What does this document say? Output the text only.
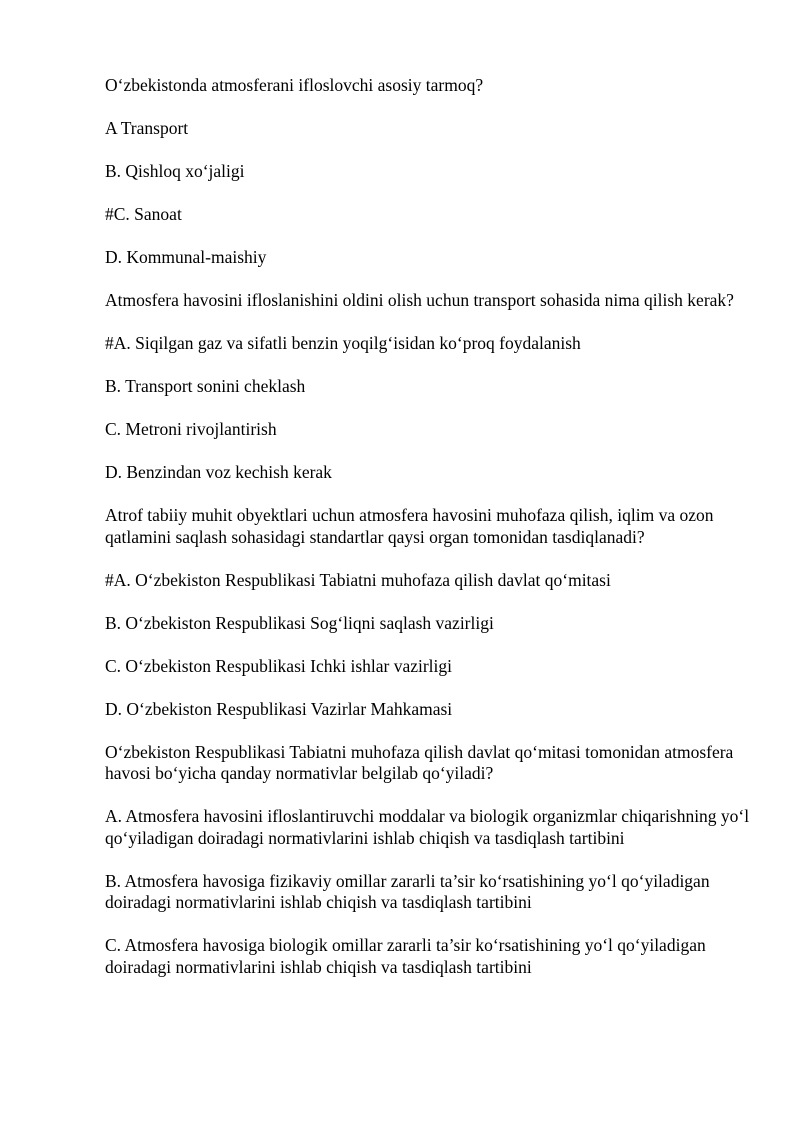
O‘zbekistonda atmosferani ifloslovchi asosiy tarmoq?

A Transport

B. Qishloq xo‘jaligi

#C. Sanoat

D. Kommunal-maishiy

Atmosfera havosini ifloslanishini oldini olish uchun transport sohasida nima qilish kerak?

#A. Siqilgan gaz va sifatli benzin yoqilg‘isidan ko‘proq foydalanish

B. Transport sonini cheklash

C. Metroni rivojlantirish

D. Benzindan voz kechish kerak

Atrof tabiiy muhit obyektlari uchun atmosfera havosini muhofaza qilish, iqlim va ozon qatlamini saqlash sohasidagi standartlar qaysi organ tomonidan tasdiqlanadi?

#A. O‘zbekiston Respublikasi Tabiatni muhofaza qilish davlat qo‘mitasi

B. O‘zbekiston Respublikasi Sog‘liqni saqlash vazirligi

C. O‘zbekiston Respublikasi Ichki ishlar vazirligi

D. O‘zbekiston Respublikasi Vazirlar Mahkamasi

O‘zbekiston Respublikasi Tabiatni muhofaza qilish davlat qo‘mitasi tomonidan atmosfera havosi bo‘yicha qanday normativlar belgilab qo‘yiladi?

A. Atmosfera havosini ifloslantiruvchi moddalar va biologik organizmlar chiqarishning yo‘l qo‘yiladigan doiradagi normativlarini ishlab chiqish va tasdiqlash tartibini

B. Atmosfera havosiga fizikaviy omillar zararli ta’sir ko‘rsatishining yo‘l qo‘yiladigan doiradagi normativlarini ishlab chiqish va tasdiqlash tartibini

C. Atmosfera havosiga biologik omillar zararli ta’sir ko‘rsatishining yo‘l qo‘yiladigan doiradagi normativlarini ishlab chiqish va tasdiqlash tartibini
